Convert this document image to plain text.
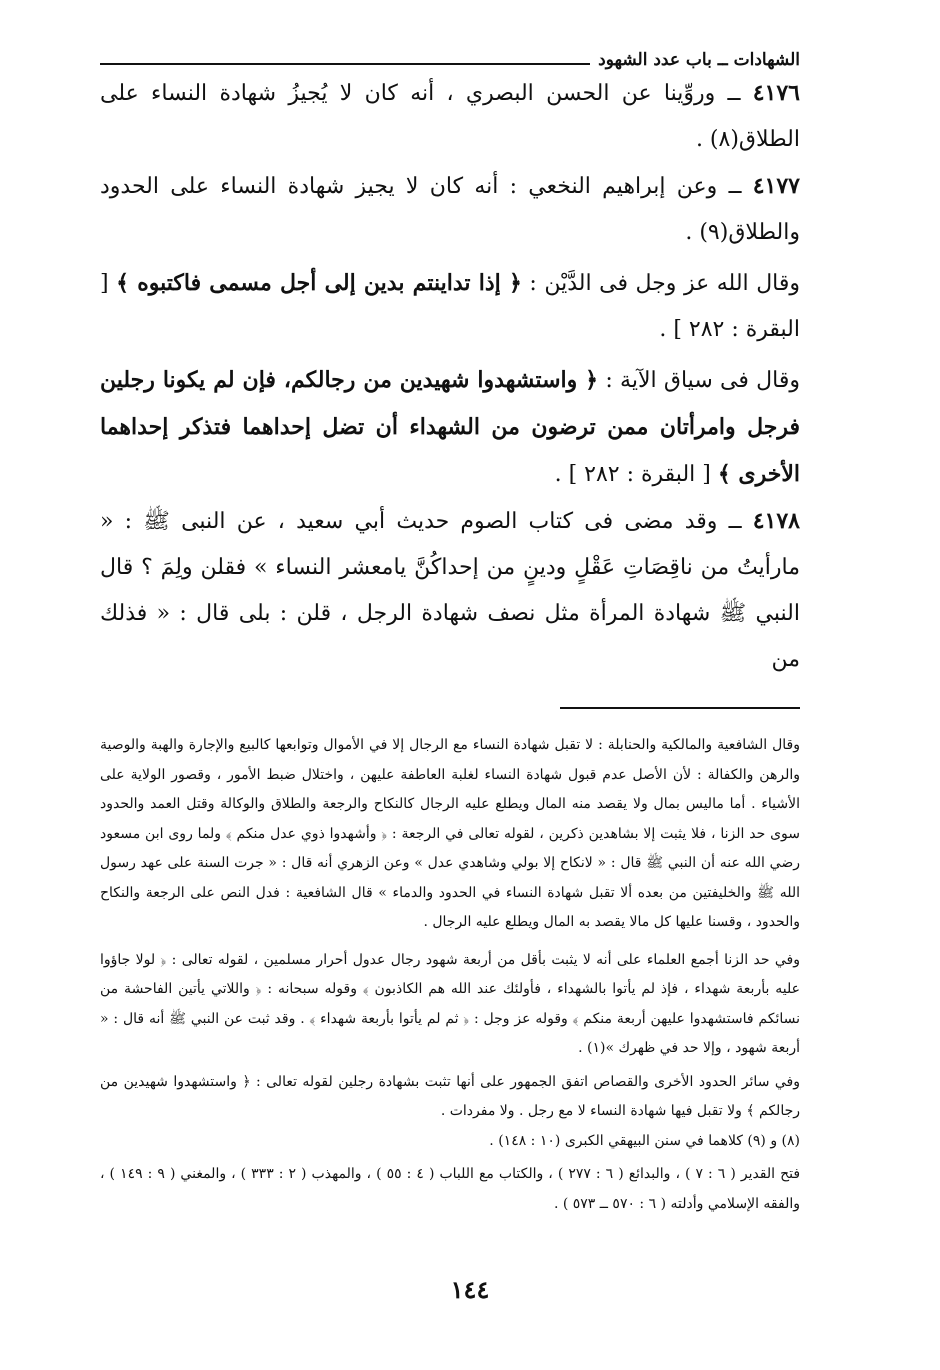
الشهادات ــ باب عدد الشهود

٤١٧٦ ــ وروِّينا عن الحسن البصري ، أنه كان لا يُجيزُ شهادة النساء على الطلاق(٨) .

٤١٧٧ ــ وعن إبراهيم النخعي : أنه كان لا يجيز شهادة النساء على الحدود والطلاق(٩) .

وقال الله عز وجل فى الدَّيْن : ﴿ إذا تداينتم بدين إلى أجل مسمى فاكتبوه ﴾ [ البقرة : ٢٨٢ ] .

وقال فى سياق الآية : ﴿ واستشهدوا شهيدين من رجالكم، فإن لم يكونا رجلين فرجل وامرأتان ممن ترضون من الشهداء أن تضل إحداهما فتذكر إحداهما الأخرى ﴾ [ البقرة : ٢٨٢ ] .

٤١٧٨ ــ وقد مضى فى كتاب الصوم حديث أبي سعيد ، عن النبى ﷺ : « مارأيتُ من ناقِصَاتِ عَقْلٍ ودينٍ من إحداكُنَّ يامعشر النساء » فقلن ولِمَ ؟ قال النبي ﷺ شهادة المرأة مثل نصف شهادة الرجل ، قلن : بلى قال : « فذلك من

وقال الشافعية والمالكية والحنابلة : لا تقبل شهادة النساء مع الرجال إلا في الأموال وتوابعها كالبيع والإجارة والهبة والوصية والرهن والكفالة : لأن الأصل عدم قبول شهادة النساء لغلبة العاطفة عليهن ، واختلال ضبط الأمور ، وقصور الولاية على الأشياء . أما ماليس بمال ولا يقصد منه المال ويطلع عليه الرجال كالنكاح والرجعة والطلاق والوكالة وقتل العمد والحدود سوى حد الزنا ، فلا يثبت إلا بشاهدين ذكرين ، لقوله تعالى في الرجعة : ﴿ وأشهدوا ذوي عدل منكم ﴾ ولما روى ابن مسعود رضي الله عنه أن النبي ﷺ قال : « لانكاح إلا بولي وشاهدي عدل » وعن الزهري أنه قال : « جرت السنة على عهد رسول الله ﷺ والخليفتين من بعده ألا تقبل شهادة النساء في الحدود والدماء » قال الشافعية : فدل النص على الرجعة والنكاح والحدود ، وقسنا عليها كل مالا يقصد به المال ويطلع عليه الرجال .

وفي حد الزنا أجمع العلماء على أنه لا يثبت بأقل من أربعة شهود رجال عدول أحرار مسلمين ، لقوله تعالى : ﴿ لولا جاؤوا عليه بأربعة شهداء ، فإذ لم يأتوا بالشهداء ، فأولئك عند الله هم الكاذبون ﴾ وقوله سبحانه : ﴿ واللاتي يأتين الفاحشة من نسائكم فاستشهدوا عليهن أربعة منكم ﴾ وقوله عز وجل : ﴿ ثم لم يأتوا بأربعة شهداء ﴾ . وقد ثبت عن النبي ﷺ أنه قال : « أربعة شهود ، وإلا حد في ظهرك »(١) .

وفي سائر الحدود الأخرى والقصاص اتفق الجمهور على أنها تثبت بشهادة رجلين لقوله تعالى : ﴿ واستشهدوا شهيدين من رجالكم ﴾ ولا تقبل فيها شهادة النساء لا مع رجل . ولا مفردات .

(٨) و (٩) كلاهما في سنن البيهقي الكبرى (١٠ : ١٤٨) .

فتح القدير ( ٦ : ٧ ) ، والبدائع ( ٦ : ٢٧٧ ) ، والكتاب مع اللباب ( ٤ : ٥٥ ) ، والمهذب ( ٢ : ٣٣٣ ) ، والمغني ( ٩ : ١٤٩ ) ، والفقه الإسلامي وأدلته ( ٦ : ٥٧٠ ــ ٥٧٣ ) .

١٤٤
